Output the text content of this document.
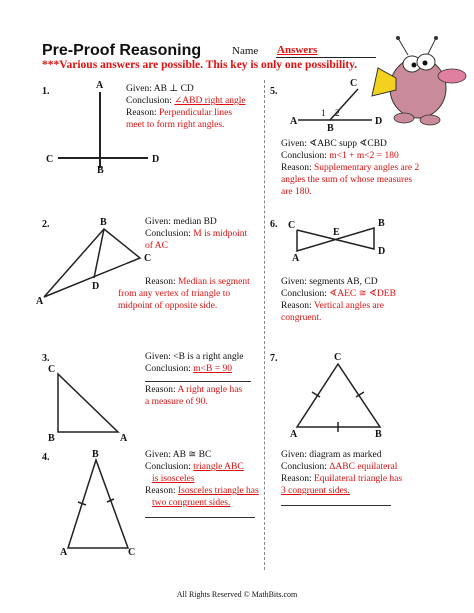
Pre-Proof Reasoning	Name Answers
***Various answers are possible. This key is only one possibility.
1.
A
C	D
B
Given: AB ⊥ CD
Conclusion: ∠ABD right angle
Reason: Perpendicular lines
meet to form right angles.
2.	B
C
D
A
Given: median BD
Conclusion: M is midpoint
of AC
Reason: Median is segment
from any vertex of triangle to
midpoint of opposite side.
3.
C
B	A
Given: <B is a right angle
Conclusion: m<B = 90
Reason: A right angle has
a measure of 90.
4.	B
A	C
Given: AB ≅ BC
Conclusion: triangle ABC
is isosceles
Reason: Isosceles triangle has
two congruent sides.
5.
C
1 2
A	D
B
Given: ∢ABC supp ∢CBD
Conclusion: m<1 + m<2 = 180
Reason: Supplementary angles are 2
angles the sum of whose measures
are 180.
6. C	B
E
A
D
Given: segments AB, CD
Conclusion: ∢AEC ≅ ∢DEB
Reason: Vertical angles are
congruent.
7.	C
A	B
Given: diagram as marked
Conclusion: ΔABC equilateral
Reason: Equilateral triangle has
3 congruent sides.
All Rights Reserved © MathBits.com
